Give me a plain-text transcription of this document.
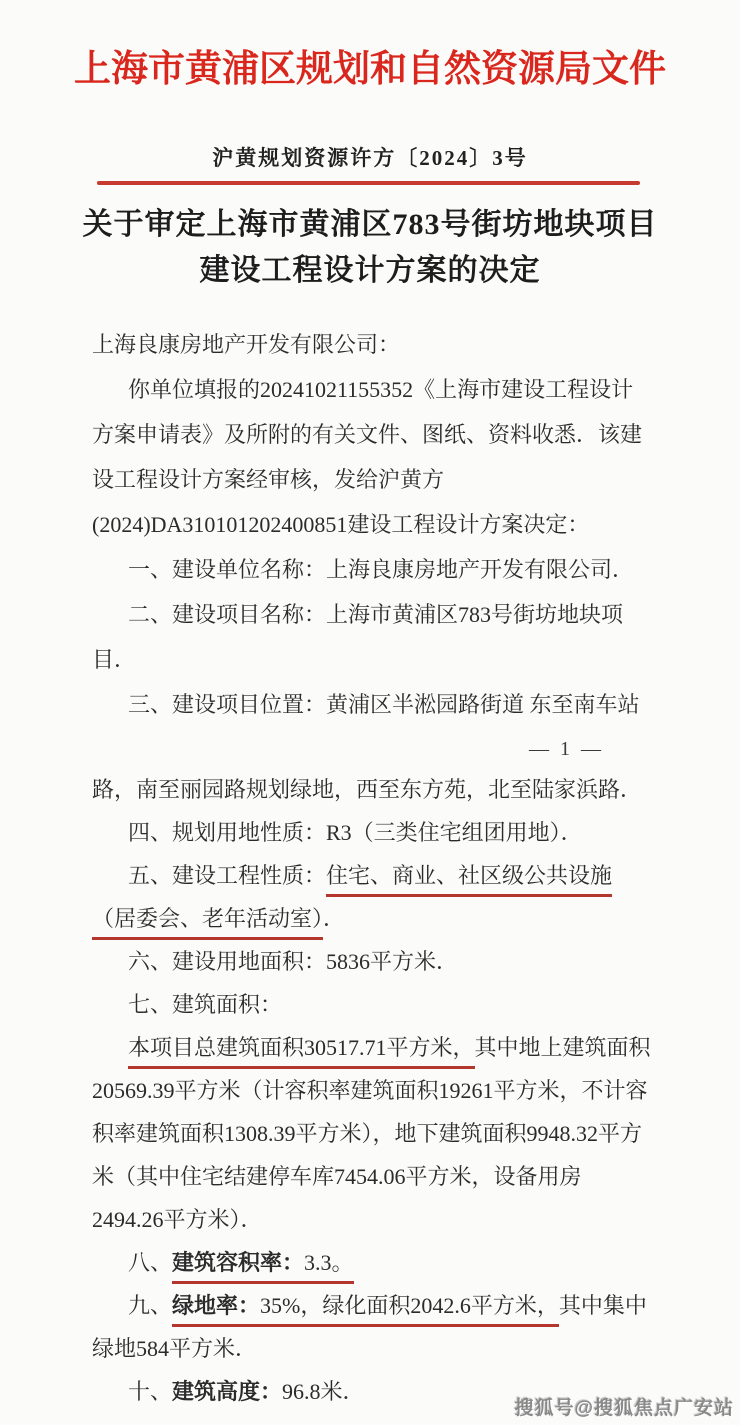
上海市黄浦区规划和自然资源局文件
沪黄规划资源许方〔2024〕3号
关于审定上海市黄浦区783号街坊地块项目
建设工程设计方案的决定
上海良康房地产开发有限公司：
你单位填报的20241021155352《上海市建设工程设计方案申请表》及所附的有关文件、图纸、资料收悉．该建设工程设计方案经审核，发给沪黄方(2024)DA310101202400851建设工程设计方案决定：
一、建设单位名称：上海良康房地产开发有限公司．
二、建设项目名称：上海市黄浦区783号街坊地块项目．
三、建设项目位置：黄浦区半淞园路街道 东至南车站
— 1 —
路，南至丽园路规划绿地，西至东方苑，北至陆家浜路．
四、规划用地性质：R3（三类住宅组团用地）．
五、建设工程性质：住宅、商业、社区级公共设施（居委会、老年活动室）．
六、建设用地面积：5836平方米．
七、建筑面积：
本项目总建筑面积30517.71平方米，其中地上建筑面积20569.39平方米（计容积率建筑面积19261平方米，不计容积率建筑面积1308.39平方米），地下建筑面积9948.32平方米（其中住宅结建停车库7454.06平方米，设备用房2494.26平方米）．
八、建筑容积率：3.3。
九、绿地率：35%，绿化面积2042.6平方米，其中集中绿地584平方米．
十、建筑高度：96.8米．
搜狐号@搜狐焦点广安站
